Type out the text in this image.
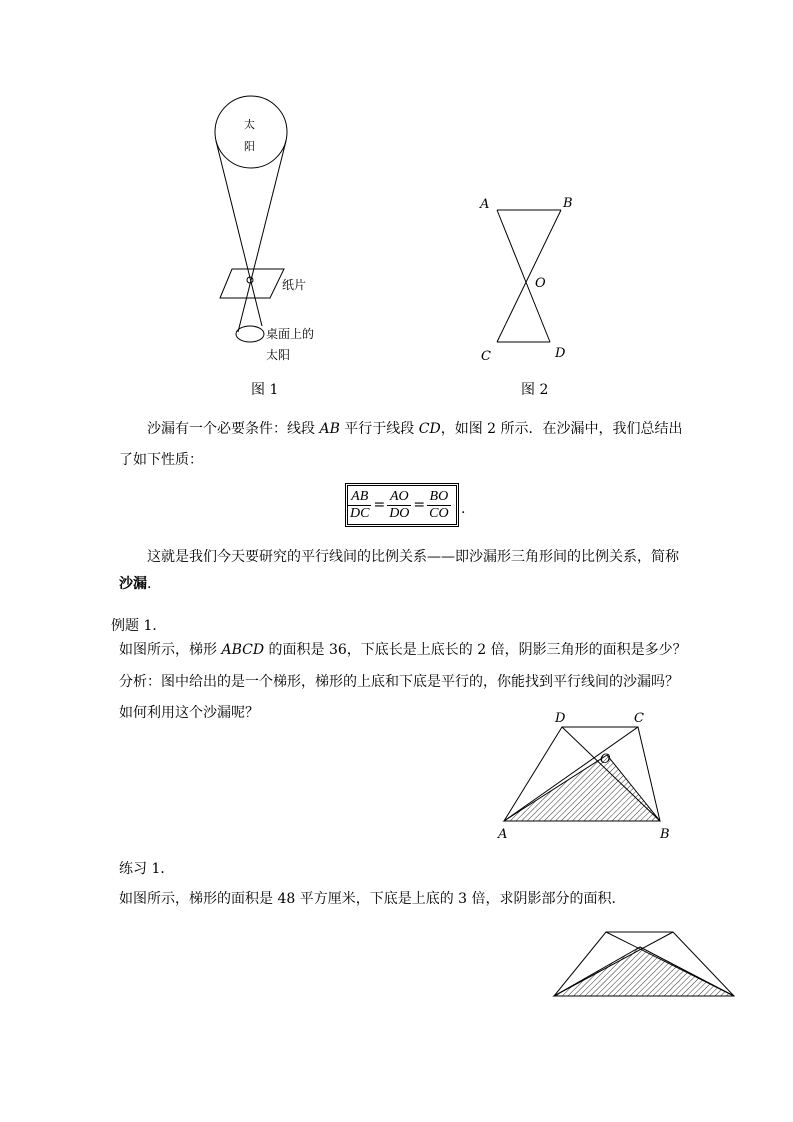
太
阳
纸片
桌面上的
太阳
图 1
A	B
O
C	D
图 2
沙漏有一个必要条件：线段 AB 平行于线段 CD，如图 2 所示．在沙漏中，我们总结出
了如下性质：
$\frac{AB}{DC} = \frac{AO}{DO} = \frac{BO}{CO}$ .
这就是我们今天要研究的平行线间的比例关系——即沙漏形三角形间的比例关系，简称
沙漏.
例题 1．
如图所示，梯形 ABCD 的面积是 36，下底长是上底长的 2 倍，阴影三角形的面积是多少？
分析：图中给出的是一个梯形，梯形的上底和下底是平行的，你能找到平行线间的沙漏吗？
如何利用这个沙漏呢？	D	C
O
A	B
练习 1．
如图所示，梯形的面积是 48 平方厘米，下底是上底的 3 倍，求阴影部分的面积．
